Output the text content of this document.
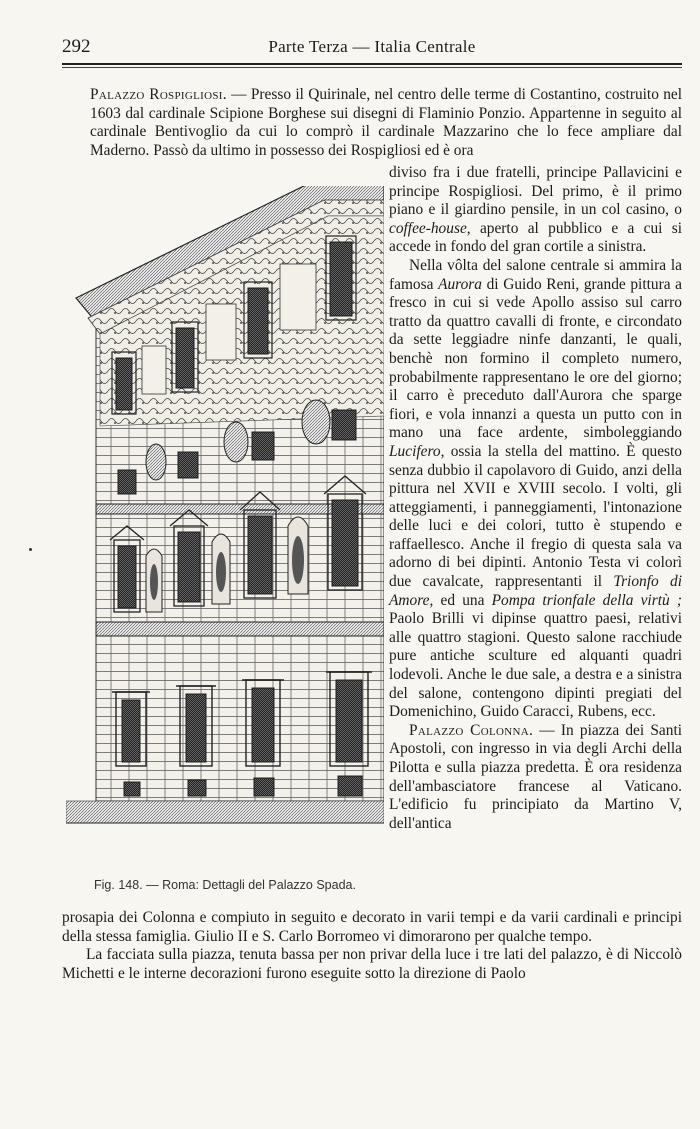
292	Parte Terza — Italia Centrale

Palazzo Rospigliosi. — Presso il Quirinale, nel centro delle terme di Costantino, costruito nel 1603 dal cardinale Scipione Borghese sui disegni di Flaminio Ponzio. Appartenne in seguito al cardinale Bentivoglio da cui lo comprò il cardinale Mazzarino che lo fece ampliare dal Maderno. Passò da ultimo in possesso dei Rospigliosi ed è ora

diviso fra i due fratelli, principe Pallavicini e principe Rospigliosi. Del primo, è il primo piano e il giardino pensile, in un col casino, o coffee-house, aperto al pubblico e a cui si accede in fondo del gran cortile a sinistra.

Nella vôlta del salone centrale si ammira la famosa Aurora di Guido Reni, grande pittura a fresco in cui si vede Apollo assiso sul carro tratto da quattro cavalli di fronte, e circondato da sette leggiadre ninfe danzanti, le quali, benchè non formino il completo numero, probabilmente rappresentano le ore del giorno; il carro è preceduto dall'Aurora che sparge fiori, e vola innanzi a questa un putto con in mano una face ardente, simboleggiando Lucifero, ossia la stella del mattino. È questo senza dubbio il capolavoro di Guido, anzi della pittura nel XVII e XVIII secolo. I volti, gli atteggiamenti, i panneggiamenti, l'intonazione delle luci e dei colori, tutto è stupendo e raffaellesco. Anche il fregio di questa sala va adorno di bei dipinti. Antonio Testa vi colorì due cavalcate, rappresentanti il Trionfo di Amore, ed una Pompa trionfale della virtù ; Paolo Brilli vi dipinse quattro paesi, relativi alle quattro stagioni. Questo salone racchiude pure antiche sculture ed alquanti quadri lodevoli. Anche le due sale, a destra e a sinistra del salone, contengono dipinti pregiati del Domenichino, Guido Caracci, Rubens, ecc.

Palazzo Colonna. — In piazza dei Santi Apostoli, con ingresso in via degli Archi della Pilotta e sulla piazza predetta. È ora residenza dell'ambasciatore francese al Vaticano. L'edificio fu principiato da Martino V, dell'antica

Fig. 148. — Roma: Dettagli del Palazzo Spada.

prosapia dei Colonna e compiuto in seguito e decorato in varii tempi e da varii cardinali e principi della stessa famiglia. Giulio II e S. Carlo Borromeo vi dimorarono per qualche tempo.

La facciata sulla piazza, tenuta bassa per non privar della luce i tre lati del palazzo, è di Niccolò Michetti e le interne decorazioni furono eseguite sotto la direzione di Paolo
